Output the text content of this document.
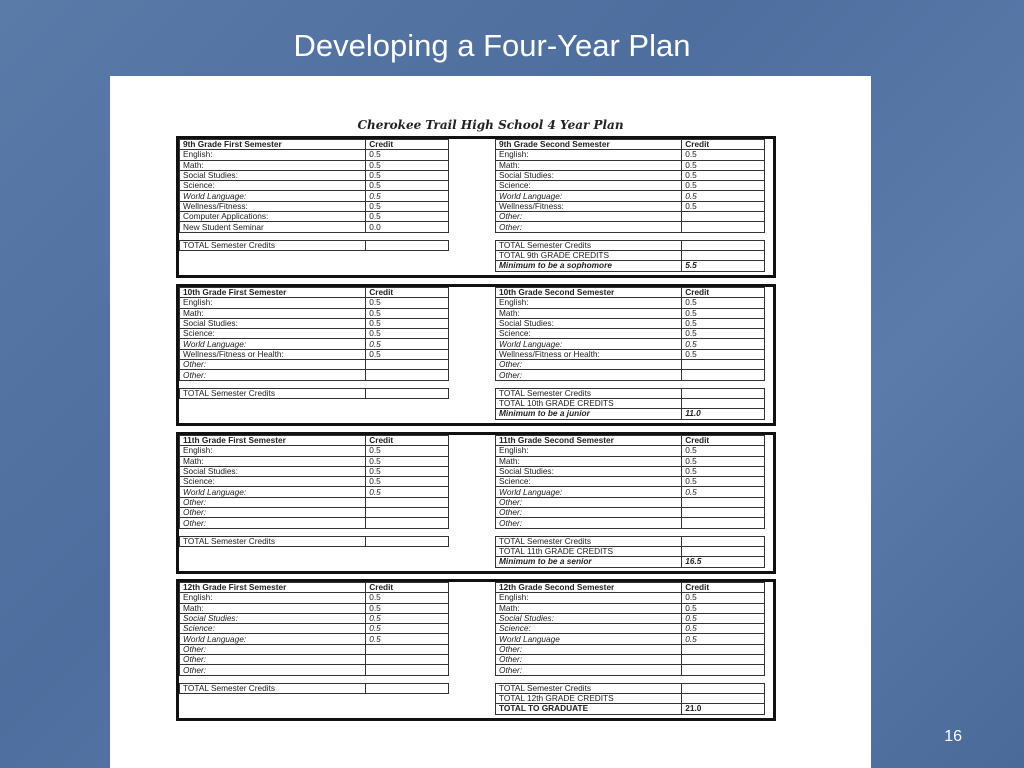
Developing a Four-Year Plan
Cherokee Trail High School 4 Year Plan
9th Grade First Semester	Credit
English:	0.5
Math:	0.5
Social Studies:	0.5
Science:	0.5
World Language:	0.5
Wellness/Fitness:	0.5
Computer Applications:	0.5
New Student Seminar	0.0

TOTAL Semester Credits	
9th Grade Second Semester	Credit
English:	0.5
Math:	0.5
Social Studies:	0.5
Science:	0.5
World Language:	0.5
Wellness/Fitness:	0.5
Other:	
Other:	

TOTAL Semester Credits	
TOTAL 9th GRADE CREDITS	
Minimum to be a sophomore	5.5
10th Grade First Semester	Credit
English:	0.5
Math:	0.5
Social Studies:	0.5
Science:	0.5
World Language:	0.5
Wellness/Fitness or Health:	0.5
Other:	
Other:	

TOTAL Semester Credits	
10th Grade Second Semester	Credit
English:	0.5
Math:	0.5
Social Studies:	0.5
Science:	0.5
World Language:	0.5
Wellness/Fitness or Health:	0.5
Other:	
Other:	

TOTAL Semester Credits	
TOTAL 10th GRADE CREDITS	
Minimum to be a junior	11.0
11th Grade First Semester	Credit
English:	0.5
Math:	0.5
Social Studies:	0.5
Science:	0.5
World Language:	0.5
Other:	
Other:	
Other:	

TOTAL Semester Credits	
11th Grade Second Semester	Credit
English:	0.5
Math:	0.5
Social Studies:	0.5
Science:	0.5
World Language:	0.5
Other:	
Other:	
Other:	

TOTAL Semester Credits	
TOTAL 11th GRADE CREDITS	
Minimum to be a senior	16.5
12th Grade First Semester	Credit
English:	0.5
Math:	0.5
Social Studies:	0.5
Science:	0.5
World Language:	0.5
Other:	
Other:	
Other:	

TOTAL Semester Credits	
12th Grade Second Semester	Credit
English:	0.5
Math:	0.5
Social Studies:	0.5
Science:	0.5
World Language	0.5
Other:	
Other:	
Other:	

TOTAL Semester Credits	
TOTAL 12th GRADE CREDITS	
TOTAL TO GRADUATE	21.0
16
